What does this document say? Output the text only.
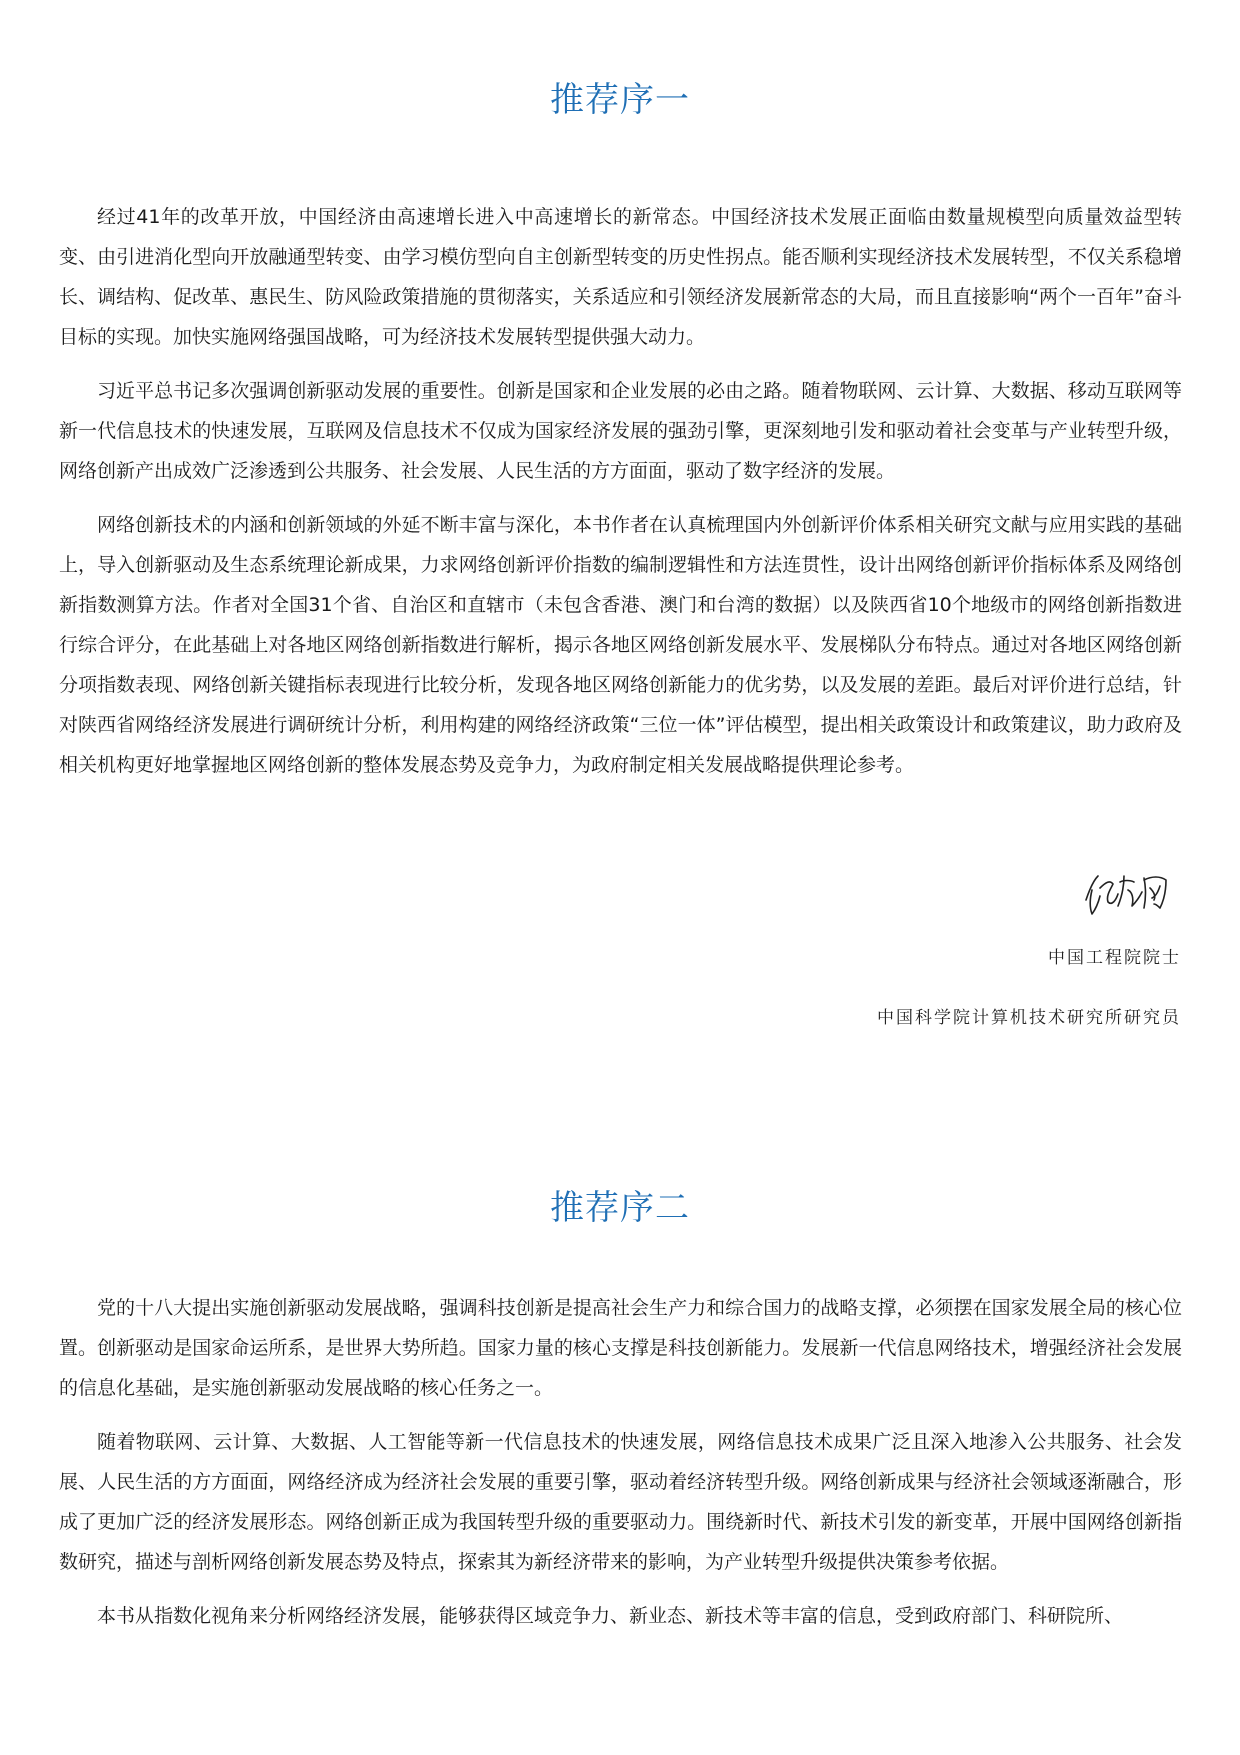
推荐序一

经过41年的改革开放，中国经济由高速增长进入中高速增长的新常态。中国经济技术发展正面临由数量规模型向质量效益型转变、由引进消化型向开放融通型转变、由学习模仿型向自主创新型转变的历史性拐点。能否顺利实现经济技术发展转型，不仅关系稳增长、调结构、促改革、惠民生、防风险政策措施的贯彻落实，关系适应和引领经济发展新常态的大局，而且直接影响“两个一百年”奋斗目标的实现。加快实施网络强国战略，可为经济技术发展转型提供强大动力。

习近平总书记多次强调创新驱动发展的重要性。创新是国家和企业发展的必由之路。随着物联网、云计算、大数据、移动互联网等新一代信息技术的快速发展，互联网及信息技术不仅成为国家经济发展的强劲引擎，更深刻地引发和驱动着社会变革与产业转型升级，网络创新产出成效广泛渗透到公共服务、社会发展、人民生活的方方面面，驱动了数字经济的发展。

网络创新技术的内涵和创新领域的外延不断丰富与深化，本书作者在认真梳理国内外创新评价体系相关研究文献与应用实践的基础上，导入创新驱动及生态系统理论新成果，力求网络创新评价指数的编制逻辑性和方法连贯性，设计出网络创新评价指标体系及网络创新指数测算方法。作者对全国31个省、自治区和直辖市（未包含香港、澳门和台湾的数据）以及陕西省10个地级市的网络创新指数进行综合评分，在此基础上对各地区网络创新指数进行解析，揭示各地区网络创新发展水平、发展梯队分布特点。通过对各地区网络创新分项指数表现、网络创新关键指标表现进行比较分析，发现各地区网络创新能力的优劣势，以及发展的差距。最后对评价进行总结，针对陕西省网络经济发展进行调研统计分析，利用构建的网络经济政策“三位一体”评估模型，提出相关政策设计和政策建议，助力政府及相关机构更好地掌握地区网络创新的整体发展态势及竞争力，为政府制定相关发展战略提供理论参考。

中国工程院院士
中国科学院计算机技术研究所研究员
推荐序二

党的十八大提出实施创新驱动发展战略，强调科技创新是提高社会生产力和综合国力的战略支撑，必须摆在国家发展全局的核心位置。创新驱动是国家命运所系，是世界大势所趋。国家力量的核心支撑是科技创新能力。发展新一代信息网络技术，增强经济社会发展的信息化基础，是实施创新驱动发展战略的核心任务之一。

随着物联网、云计算、大数据、人工智能等新一代信息技术的快速发展，网络信息技术成果广泛且深入地渗入公共服务、社会发展、人民生活的方方面面，网络经济成为经济社会发展的重要引擎，驱动着经济转型升级。网络创新成果与经济社会领域逐渐融合，形成了更加广泛的经济发展形态。网络创新正成为我国转型升级的重要驱动力。围绕新时代、新技术引发的新变革，开展中国网络创新指数研究，描述与剖析网络创新发展态势及特点，探索其为新经济带来的影响，为产业转型升级提供决策参考依据。

本书从指数化视角来分析网络经济发展，能够获得区域竞争力、新业态、新技术等丰富的信息，受到政府部门、科研院所、
